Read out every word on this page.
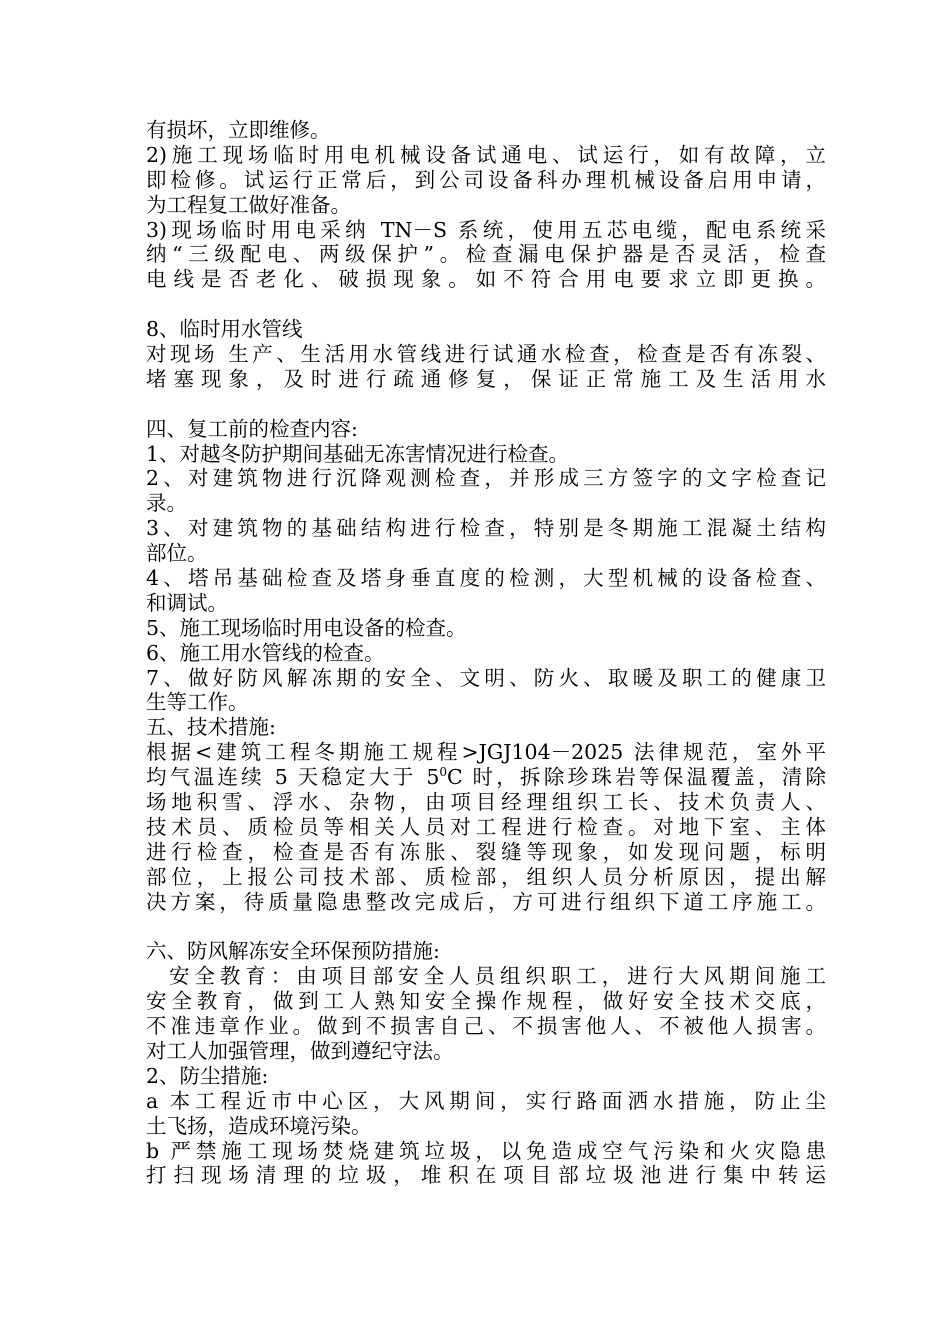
有损坏，立即维修。
2)施工现场临时用电机械设备试通电、试运行，如有故障，立
即检修。试运行正常后，到公司设备科办理机械设备启用申请，
为工程复工做好准备。
3)现场临时用电采纳 TN－S 系统，使用五芯电缆，配电系统采
纳“三级配电、两级保护”。检查漏电保护器是否灵活，检查
电线是否老化、破损现象。如不符合用电要求立即更换。
8、临时用水管线
对现场 生产、生活用水管线进行试通水检查，检查是否有冻裂、
堵塞现象，及时进行疏通修复，保证正常施工及生活用水
四、复工前的检查内容:
1、对越冬防护期间基础无冻害情况进行检查。
2、对建筑物进行沉降观测检查，并形成三方签字的文字检查记
录。
3、对建筑物的基础结构进行检查，特别是冬期施工混凝土结构
部位。
4、塔吊基础检查及塔身垂直度的检测，大型机械的设备检查、
和调试。
5、施工现场临时用电设备的检查。
6、施工用水管线的检查。
7、做好防风解冻期的安全、文明、防火、取暖及职工的健康卫
生等工作。
五、技术措施:
根据<建筑工程冬期施工规程>JGJ104－2025 法律规范，室外平
均气温连续 5 天稳定大于 $5^0C$ 时，拆除珍珠岩等保温覆盖，清除
场地积雪、浮水、杂物，由项目经理组织工长、技术负责人、
技术员、质检员等相关人员对工程进行检查。对地下室、主体
进行检查，检查是否有冻胀、裂缝等现象，如发现问题，标明
部位，上报公司技术部、质检部，组织人员分析原因，提出解
决方案，待质量隐患整改完成后，方可进行组织下道工序施工。
六、防风解冻安全环保预防措施:
安全教育：由项目部安全人员组织职工，进行大风期间施工
安全教育，做到工人熟知安全操作规程，做好安全技术交底，
不准违章作业。做到不损害自己、不损害他人、不被他人损害。
对工人加强管理，做到遵纪守法。
2、防尘措施:
a 本工程近市中心区，大风期间，实行路面洒水措施，防止尘
土飞扬，造成环境污染。
b 严禁施工现场焚烧建筑垃圾，以免造成空气污染和火灾隐患
打扫现场清理的垃圾，堆积在项目部垃圾池进行集中转运
